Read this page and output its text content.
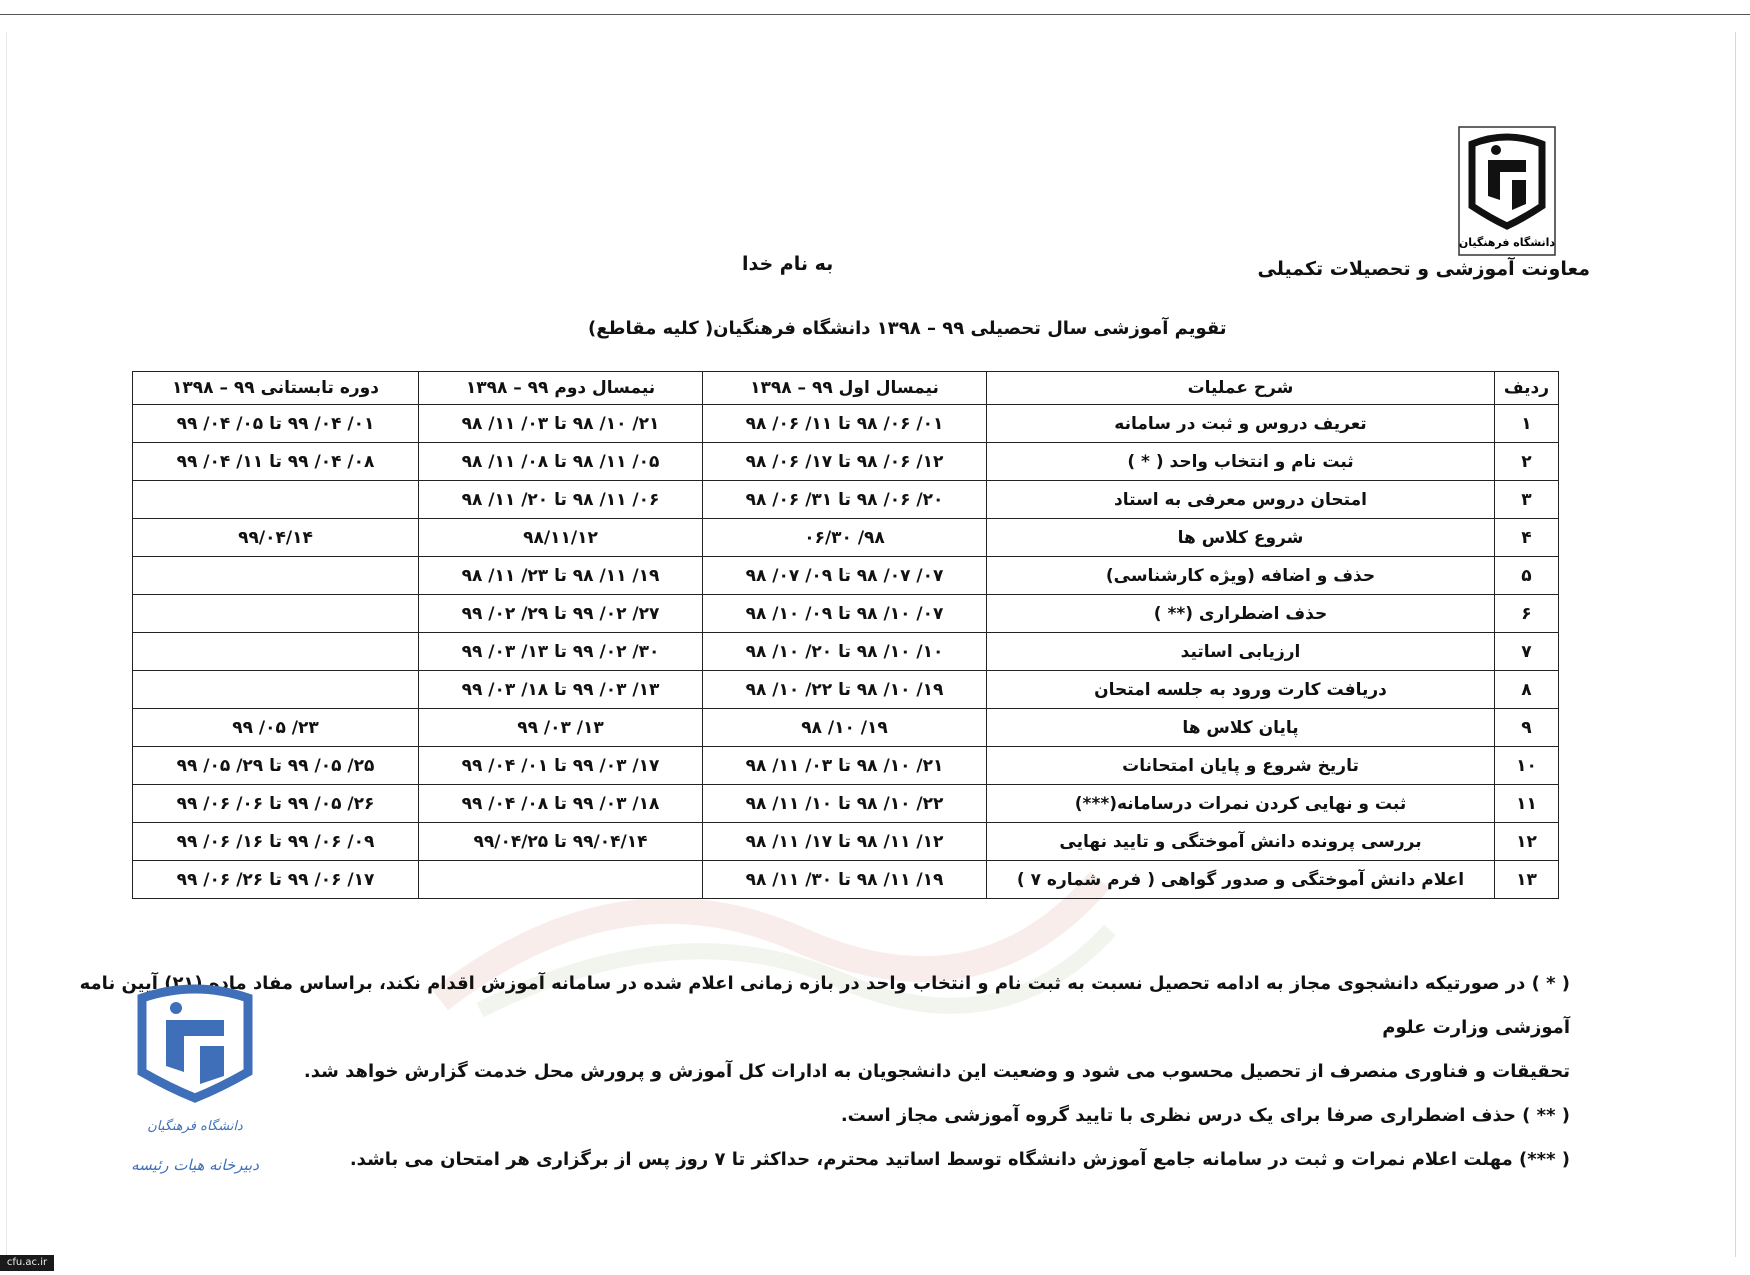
دانشگاه فرهنگیان
معاونت آموزشی و تحصیلات تکمیلی
به نام خدا
تقویم آموزشی سال تحصیلی ۹۹ – ۱۳۹۸ دانشگاه فرهنگیان( کلیه مقاطع)
ردیف	شرح عملیات	نیمسال اول ۹۹ – ۱۳۹۸	نیمسال دوم ۹۹ – ۱۳۹۸	دوره تابستانی ۹۹ – ۱۳۹۸
۱	تعریف دروس و ثبت در سامانه	۰۱/ ۰۶/ ۹۸ تا ۱۱/ ۰۶/ ۹۸	۲۱/ ۱۰/ ۹۸ تا ۰۳/ ۱۱/ ۹۸	۰۱/ ۰۴/ ۹۹ تا ۰۵/ ۰۴/ ۹۹
۲	ثبت نام و انتخاب واحد ( * )	۱۲/ ۰۶/ ۹۸ تا ۱۷/ ۰۶/ ۹۸	۰۵/ ۱۱/ ۹۸ تا ۰۸/ ۱۱/ ۹۸	۰۸/ ۰۴/ ۹۹ تا ۱۱/ ۰۴/ ۹۹
۳	امتحان دروس معرفی به استاد	۲۰/ ۰۶/ ۹۸ تا ۳۱/ ۰۶/ ۹۸	۰۶/ ۱۱/ ۹۸ تا ۲۰/ ۱۱/ ۹۸	
۴	شروع کلاس ها	۹۸/ ۰۶/۳۰	۹۸/۱۱/۱۲	۹۹/۰۴/۱۴
۵	حذف و اضافه (ویژه کارشناسی)	۰۷/ ۰۷/ ۹۸ تا ۰۹/ ۰۷/ ۹۸	۱۹/ ۱۱/ ۹۸ تا ۲۳/ ۱۱/ ۹۸	
۶	حذف اضطراری (** )	۰۷/ ۱۰/ ۹۸ تا ۰۹/ ۱۰/ ۹۸	۲۷/ ۰۲/ ۹۹ تا ۲۹/ ۰۲/ ۹۹	
۷	ارزیابی اساتید	۱۰/ ۱۰/ ۹۸ تا ۲۰/ ۱۰/ ۹۸	۳۰/ ۰۲/ ۹۹ تا ۱۳/ ۰۳/ ۹۹	
۸	دریافت کارت ورود به جلسه امتحان	۱۹/ ۱۰/ ۹۸ تا ۲۲/ ۱۰/ ۹۸	۱۳/ ۰۳/ ۹۹ تا ۱۸/ ۰۳/ ۹۹	
۹	پایان کلاس ها	۱۹/ ۱۰/ ۹۸	۱۳/ ۰۳/ ۹۹	۲۳/ ۰۵/ ۹۹
۱۰	تاریخ شروع و پایان امتحانات	۲۱/ ۱۰/ ۹۸ تا ۰۳/ ۱۱/ ۹۸	۱۷/ ۰۳/ ۹۹ تا ۰۱/ ۰۴/ ۹۹	۲۵/ ۰۵/ ۹۹ تا ۲۹/ ۰۵/ ۹۹
۱۱	ثبت و نهایی کردن نمرات درسامانه(***)	۲۲/ ۱۰/ ۹۸ تا ۱۰/ ۱۱/ ۹۸	۱۸/ ۰۳/ ۹۹ تا ۰۸/ ۰۴/ ۹۹	۲۶/ ۰۵/ ۹۹ تا ۰۶/ ۰۶/ ۹۹
۱۲	بررسی پرونده دانش آموختگی و تایید نهایی	۱۲/ ۱۱/ ۹۸ تا ۱۷/ ۱۱/ ۹۸	۹۹/۰۴/۱۴ تا ۹۹/۰۴/۲۵	۰۹/ ۰۶/ ۹۹ تا ۱۶/ ۰۶/ ۹۹
۱۳	اعلام دانش آموختگی و صدور گواهی ( فرم شماره ۷ )	۱۹/ ۱۱/ ۹۸ تا ۳۰/ ۱۱/ ۹۸		۱۷/ ۰۶/ ۹۹ تا ۲۶/ ۰۶/ ۹۹

( * ) در صورتیکه دانشجوی مجاز به ادامه تحصیل نسبت به ثبت نام و انتخاب واحد در بازه زمانی اعلام شده در سامانه آموزش اقدام نکند، براساس مفاد ماده (۲۱) آیین نامه آموزشی وزارت علوم

تحقیقات و فناوری منصرف از تحصیل محسوب می شود و وضعیت این دانشجویان به ادارات کل آموزش و پرورش محل خدمت گزارش خواهد شد.

( ** ) حذف اضطراری صرفا برای یک درس نظری با تایید گروه آموزشی مجاز است.

( ***) مهلت اعلام نمرات و ثبت در سامانه جامع آموزش دانشگاه توسط اساتید محترم، حداکثر تا ۷ روز پس از برگزاری هر امتحان می باشد.

دانشگاه فرهنگیان
دبیرخانه هیات رئیسه
cfu.ac.ir
